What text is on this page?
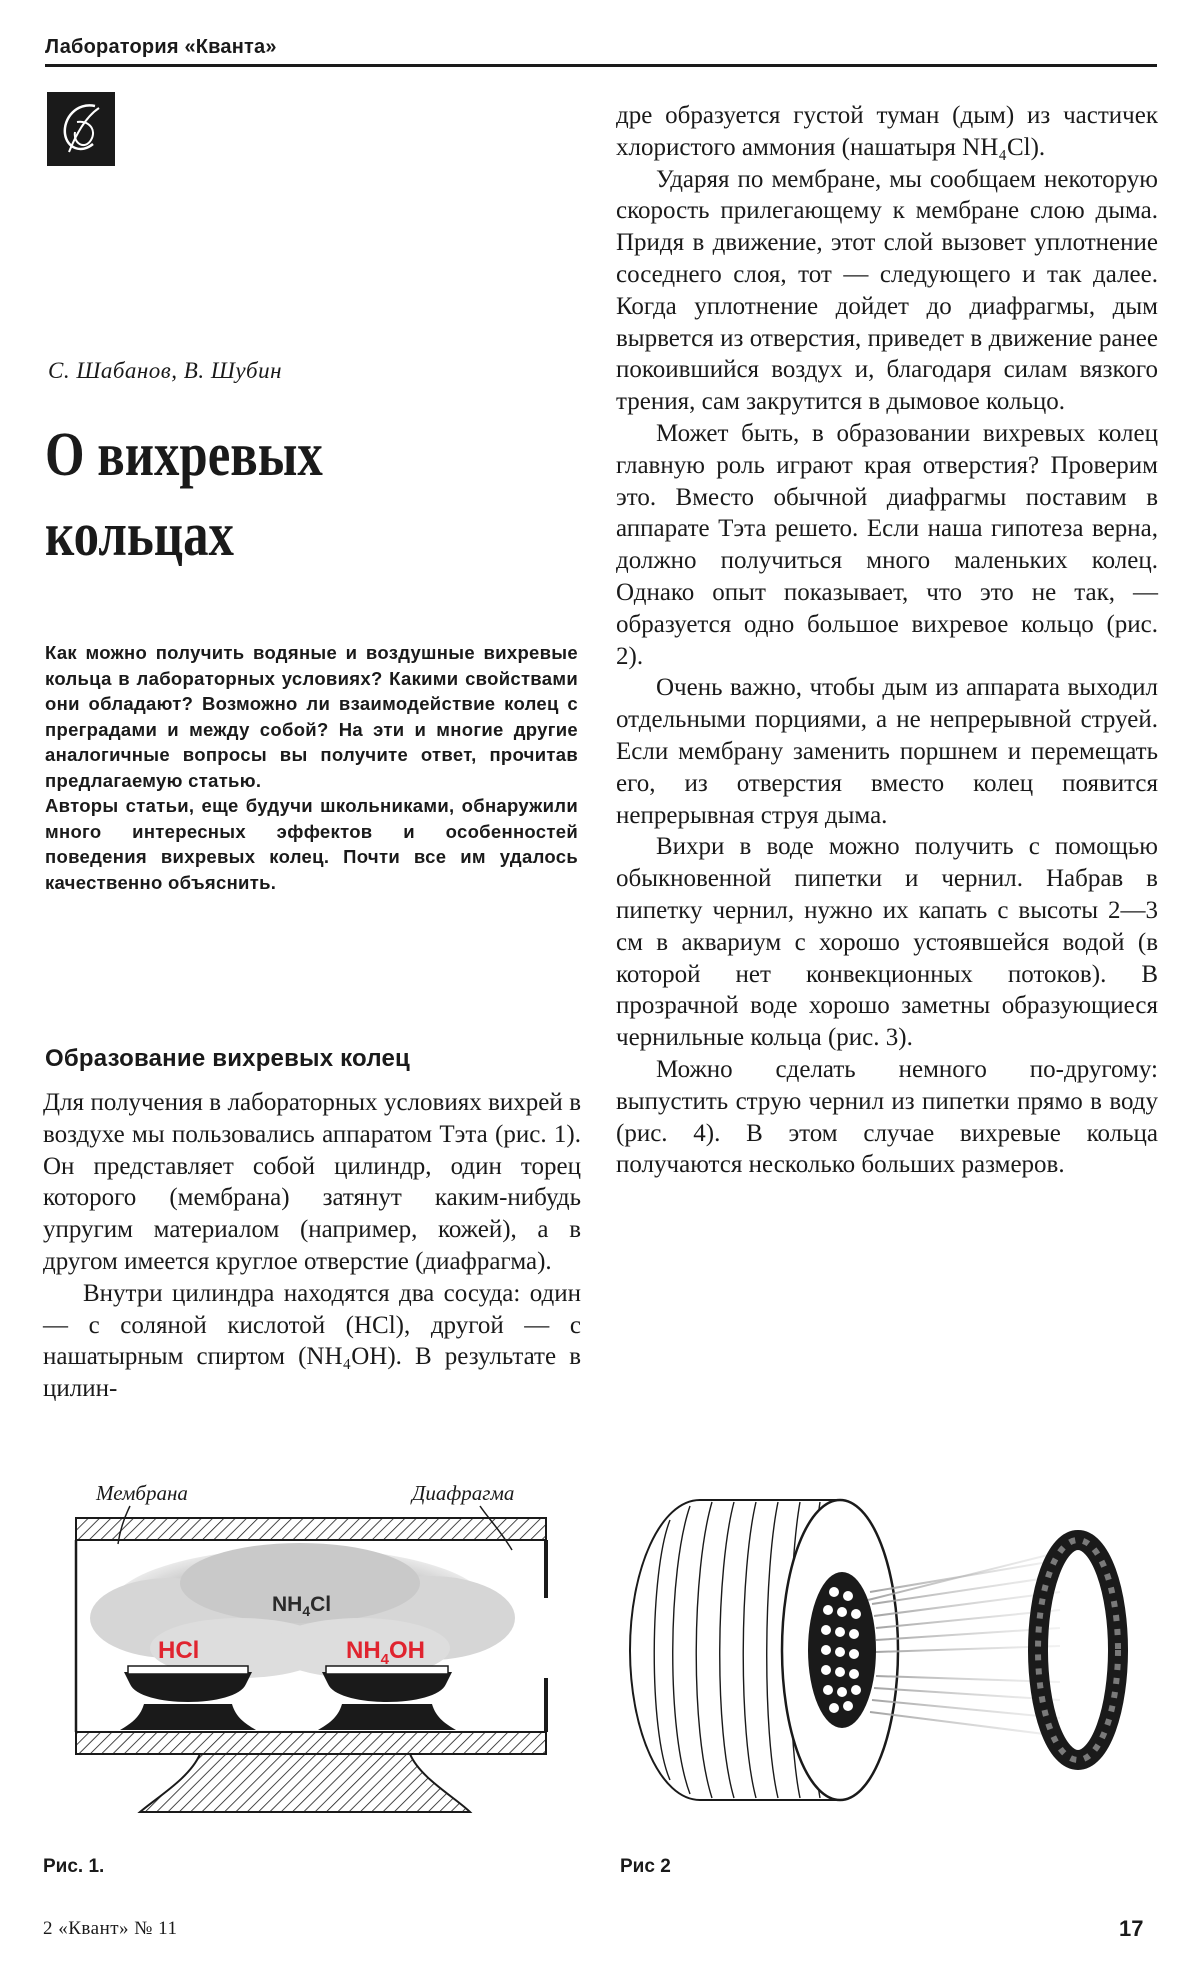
Лаборатория «Кванта»
С. Шабанов, В. Шубин
О вихревых
кольцах

Как можно получить водяные и воздушные вихревые кольца в лабораторных условиях? Какими свойствами они обладают? Возможно ли взаимодействие колец с преградами и между собой? На эти и многие другие аналогичные вопросы вы получите ответ, прочитав предлагаемую статью.

Авторы статьи, еще будучи школьниками, обнаружили много интересных эффектов и особенностей поведения вихревых колец. Почти все им удалось качественно объяснить.

Образование вихревых колец

Для получения в лабораторных условиях вихрей в воздухе мы пользовались аппаратом Тэта (рис. 1). Он представляет собой цилиндр, один торец которого (мембрана) затянут каким-нибудь упругим материалом (например, кожей), а в другом имеется круглое отверстие (диафрагма).

Внутри цилиндра находятся два сосуда: один — с соляной кислотой (HCl), другой — с нашатырным спиртом (NH₄OH). В результате в цилин-

дре образуется густой туман (дым) из частичек хлористого аммония (нашатыря NH₄Cl).

Ударяя по мембране, мы сообщаем некоторую скорость прилегающему к мембране слою дыма. Придя в движение, этот слой вызовет уплотнение соседнего слоя, тот — следующего и так далее. Когда уплотнение дойдет до диафрагмы, дым вырвется из отверстия, приведет в движение ранее покоившийся воздух и, благодаря силам вязкого трения, сам закрутится в дымовое кольцо.

Может быть, в образовании вихревых колец главную роль играют края отверстия? Проверим это. Вместо обычной диафрагмы поставим в аппарате Тэта решето. Если наша гипотеза верна, должно получиться много маленьких колец. Однако опыт показывает, что это не так, — образуется одно большое вихревое кольцо (рис. 2).

Очень важно, чтобы дым из аппарата выходил отдельными порциями, а не непрерывной струей. Если мембрану заменить поршнем и перемещать его, из отверстия вместо колец появится непрерывная струя дыма.

Вихри в воде можно получить с помощью обыкновенной пипетки и чернил. Набрав в пипетку чернил, нужно их капать с высоты 2—3 см в аквариум с хорошо устоявшейся водой (в которой нет конвекционных потоков). В прозрачной воде хорошо заметны образующиеся чернильные кольца (рис. 3).

Можно сделать немного по-другому: выпустить струю чернил из пипетки прямо в воду (рис. 4). В этом случае вихревые кольца получаются несколько больших размеров.

Мембрана	Диафрагма
$NH_4Cl$
HCl	$NH_4OH$
Рис. 1.	Рис 2
2 «Квант» № 11	17
